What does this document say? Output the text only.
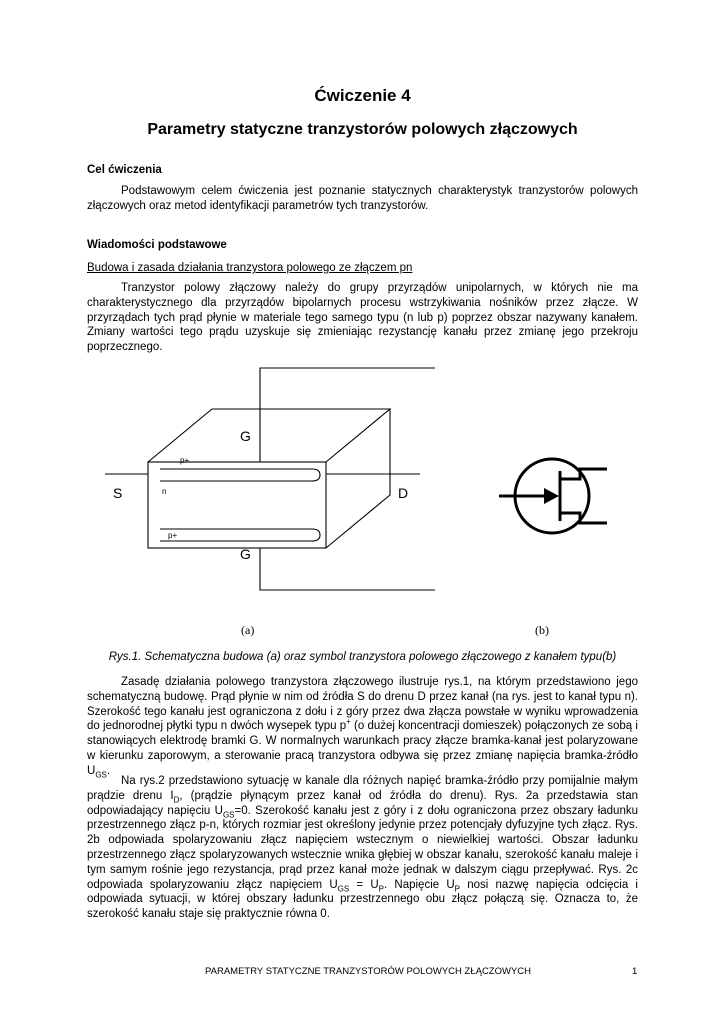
Ćwiczenie 4
Parametry statyczne tranzystorów polowych złączowych
Cel ćwiczenia
Podstawowym celem ćwiczenia jest poznanie statycznych charakterystyk tranzystorów polowych złączowych oraz metod identyfikacji parametrów tych tranzystorów.
Wiadomości podstawowe
Budowa i zasada działania tranzystora polowego ze złączem pn
Tranzystor polowy złączowy należy do grupy przyrządów unipolarnych, w których nie ma charakterystycznego dla przyrządów bipolarnych procesu wstrzykiwania nośników przez złącze. W przyrządach tych prąd płynie w materiale tego samego typu (n lub p) poprzez obszar nazywany kanałem. Zmiany wartości tego prądu uzyskuje się zmieniając rezystancję kanału przez zmianę jego przekroju poprzecznego.
G
G
S	D
p+
p+
n
(a)	(b)
Rys.1. Schematyczna budowa (a) oraz symbol tranzystora polowego złączowego z kanałem typu(b)
Zasadę działania polowego tranzystora złączowego ilustruje rys.1, na którym przedstawiono jego schematyczną budowę. Prąd płynie w nim od źródła S do drenu D przez kanał (na rys. jest to kanał typu n). Szerokość tego kanału jest ograniczona z dołu i z góry przez dwa złącza powstałe w wyniku wprowadzenia do jednorodnej płytki typu n dwóch wysepek typu p+ (o dużej koncentracji domieszek) połączonych ze sobą i stanowiących elektrodę bramki G. W normalnych warunkach pracy złącze bramka-kanał jest polaryzowane w kierunku zaporowym, a sterowanie pracą tranzystora odbywa się przez zmianę napięcia bramka-źródło $U_{GS}$.
Na rys.2 przedstawiono sytuację w kanale dla różnych napięć bramka-źródło przy pomijalnie małym prądzie drenu $I_D$, (prądzie płynącym przez kanał od źródła do drenu). Rys. 2a przedstawia stan odpowiadający napięciu $U_{GS}=0$. Szerokość kanału jest z góry i z dołu ograniczona przez obszary ładunku przestrzennego złącz p-n, których rozmiar jest określony jedynie przez potencjały dyfuzyjne tych złącz. Rys. 2b odpowiada spolaryzowaniu złącz napięciem wstecznym o niewielkiej wartości. Obszar ładunku przestrzennego złącz spolaryzowanych wstecznie wnika głębiej w obszar kanału, szerokość kanału maleje i tym samym rośnie jego rezystancja, prąd przez kanał może jednak w dalszym ciągu przepływać. Rys. 2c odpowiada spolaryzowaniu złącz napięciem $U_{GS} = U_P$. Napięcie $U_P$ nosi nazwę napięcia odcięcia i odpowiada sytuacji, w której obszary ładunku przestrzennego obu złącz połączą się. Oznacza to, że szerokość kanału staje się praktycznie równa 0.
PARAMETRY STATYCZNE TRANZYSTORÓW POLOWYCH ZŁĄCZOWYCH	1
